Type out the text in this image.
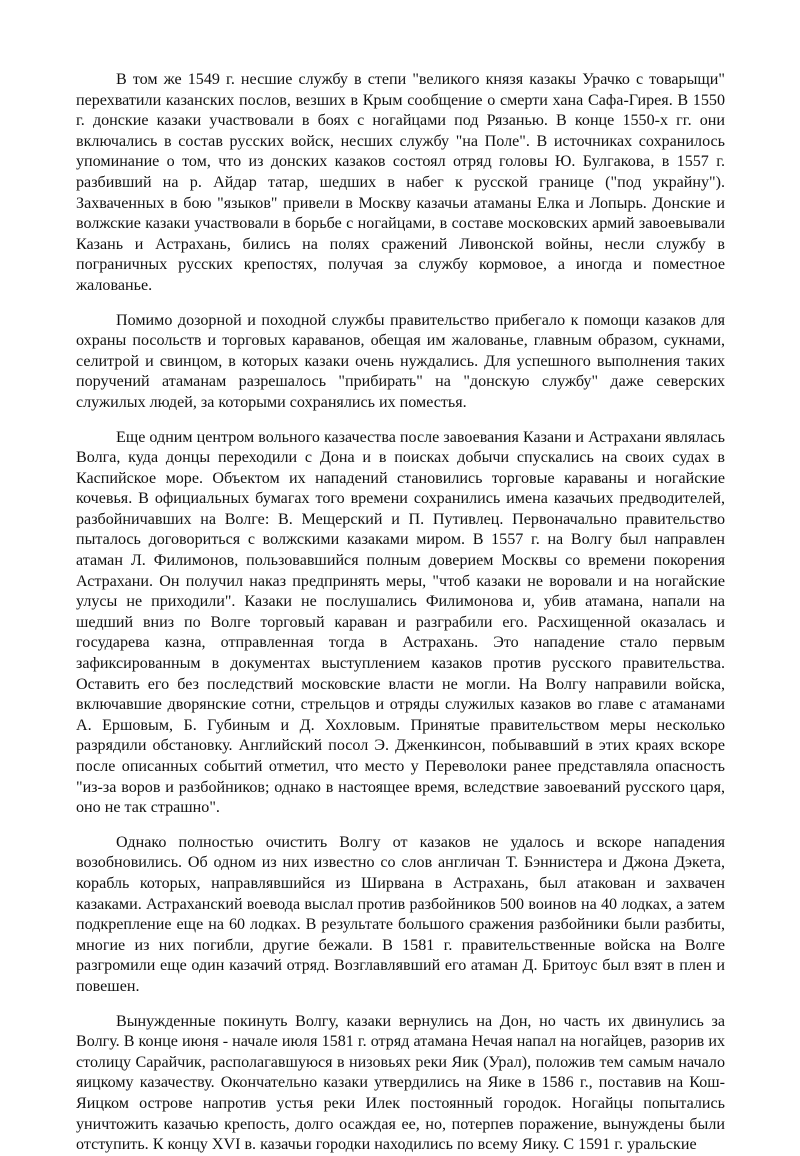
В том же 1549 г. несшие службу в степи "великого князя казакы Урачко с товарыщи" перехватили казанских послов, везших в Крым сообщение о смерти хана Сафа-Гирея. В 1550 г. донские казаки участвовали в боях с ногайцами под Рязанью. В конце 1550-х гг. они включались в состав русских войск, несших службу "на Поле". В источниках сохранилось упоминание о том, что из донских казаков состоял отряд головы Ю. Булгакова, в 1557 г. разбивший на р. Айдар татар, шедших в набег к русской границе ("под украйну"). Захваченных в бою "языков" привели в Москву казачьи атаманы Елка и Лопырь. Донские и волжские казаки участвовали в борьбе с ногайцами, в составе московских армий завоевывали Казань и Астрахань, бились на полях сражений Ливонской войны, несли службу в пограничных русских крепостях, получая за службу кормовое, а иногда и поместное жалованье.

Помимо дозорной и походной службы правительство прибегало к помощи казаков для охраны посольств и торговых караванов, обещая им жалованье, главным образом, сукнами, селитрой и свинцом, в которых казаки очень нуждались. Для успешного выполнения таких поручений атаманам разрешалось "прибирать" на "донскую службу" даже северских служилых людей, за которыми сохранялись их поместья.

Еще одним центром вольного казачества после завоевания Казани и Астрахани являлась Волга, куда донцы переходили с Дона и в поисках добычи спускались на своих судах в Каспийское море. Объектом их нападений становились торговые караваны и ногайские кочевья. В официальных бумагах того времени сохранились имена казачьих предводителей, разбойничавших на Волге: В. Мещерский и П. Путивлец. Первоначально правительство пыталось договориться с волжскими казаками миром. В 1557 г. на Волгу был направлен атаман Л. Филимонов, пользовавшийся полным доверием Москвы со времени покорения Астрахани. Он получил наказ предпринять меры, "чтоб казаки не воровали и на ногайские улусы не приходили". Казаки не послушались Филимонова и, убив атамана, напали на шедший вниз по Волге торговый караван и разграбили его. Расхищенной оказалась и государева казна, отправленная тогда в Астрахань. Это нападение стало первым зафиксированным в документах выступлением казаков против русского правительства. Оставить его без последствий московские власти не могли. На Волгу направили войска, включавшие дворянские сотни, стрельцов и отряды служилых казаков во главе с атаманами А. Ершовым, Б. Губиным и Д. Хохловым. Принятые правительством меры несколько разрядили обстановку. Английский посол Э. Дженкинсон, побывавший в этих краях вскоре после описанных событий отметил, что место у Переволоки ранее представляла опасность "из-за воров и разбойников; однако в настоящее время, вследствие завоеваний русского царя, оно не так страшно".

Однако полностью очистить Волгу от казаков не удалось и вскоре нападения возобновились. Об одном из них известно со слов англичан Т. Бэннистера и Джона Дэкета, корабль которых, направлявшийся из Ширвана в Астрахань, был атакован и захвачен казаками. Астраханский воевода выслал против разбойников 500 воинов на 40 лодках, а затем подкрепление еще на 60 лодках. В результате большого сражения разбойники были разбиты, многие из них погибли, другие бежали. В 1581 г. правительственные войска на Волге разгромили еще один казачий отряд. Возглавлявший его атаман Д. Бритоус был взят в плен и повешен.

Вынужденные покинуть Волгу, казаки вернулись на Дон, но часть их двинулись за Волгу. В конце июня - начале июля 1581 г. отряд атамана Нечая напал на ногайцев, разорив их столицу Сарайчик, располагавшуюся в низовьях реки Яик (Урал), положив тем самым начало яицкому казачеству. Окончательно казаки утвердились на Яике в 1586 г., поставив на Кош-Яицком острове напротив устья реки Илек постоянный городок. Ногайцы попытались уничтожить казачью крепость, долго осаждая ее, но, потерпев поражение, вынуждены были отступить. К концу XVI в. казачьи городки находились по всему Яику. С 1591 г. уральские
